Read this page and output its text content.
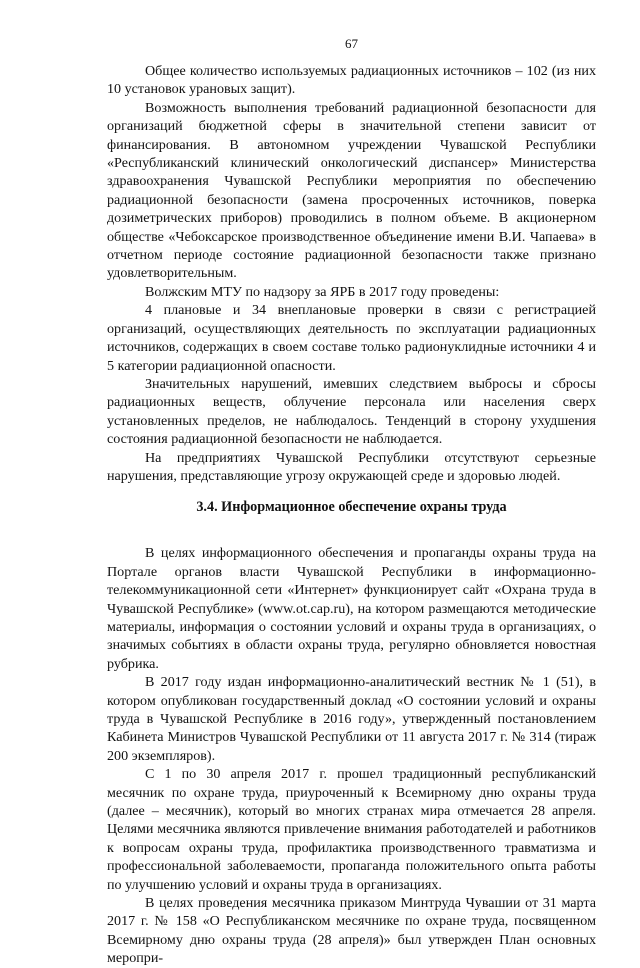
67

Общее количество используемых радиационных источников – 102 (из них 10 установок урановых защит).

Возможность выполнения требований радиационной безопасности для организаций бюджетной сферы в значительной степени зависит от финансирования. В автономном учреждении Чувашской Республики «Республиканский клинический онкологический диспансер» Министерства здравоохранения Чувашской Республики мероприятия по обеспечению радиационной безопасности (замена просроченных источников, поверка дозиметрических приборов) проводились в полном объеме. В акционерном обществе «Чебоксарское производственное объединение имени В.И. Чапаева» в отчетном периоде состояние радиационной безопасности также признано удовлетворительным.

Волжским МТУ по надзору за ЯРБ в 2017 году проведены:

4 плановые и 34 внеплановые проверки в связи с регистрацией организаций, осуществляющих деятельность по эксплуатации радиационных источников, содержащих в своем составе только радионуклидные источники 4 и 5 категории радиационной опасности.

Значительных нарушений, имевших следствием выбросы и сбросы радиационных веществ, облучение персонала или населения сверх установленных пределов, не наблюдалось. Тенденций в сторону ухудшения состояния радиационной безопасности не наблюдается.

На предприятиях Чувашской Республики отсутствуют серьезные нарушения, представляющие угрозу окружающей среде и здоровью людей.

3.4. Информационное обеспечение охраны труда

В целях информационного обеспечения и пропаганды охраны труда на Портале органов власти Чувашской Республики в информационно-телекоммуникационной сети «Интернет» функционирует сайт «Охрана труда в Чувашской Республике» (www.ot.cap.ru), на котором размещаются методические материалы, информация о состоянии условий и охраны труда в организациях, о значимых событиях в области охраны труда, регулярно обновляется новостная рубрика.

В 2017 году издан информационно-аналитический вестник № 1 (51), в котором опубликован государственный доклад «О состоянии условий и охраны труда в Чувашской Республике в 2016 году», утвержденный постановлением Кабинета Министров Чувашской Республики от 11 августа 2017 г. № 314 (тираж 200 экземпляров).

С 1 по 30 апреля 2017 г. прошел традиционный республиканский месячник по охране труда, приуроченный к Всемирному дню охраны труда (далее – месячник), который во многих странах мира отмечается 28 апреля. Целями месячника являются привлечение внимания работодателей и работников к вопросам охраны труда, профилактика производственного травматизма и профессиональной заболеваемости, пропаганда положительного опыта работы по улучшению условий и охраны труда в организациях.

В целях проведения месячника приказом Минтруда Чувашии от 31 марта 2017 г. № 158 «О Республиканском месячнике по охране труда, посвященном Всемирному дню охраны труда (28 апреля)» был утвержден План основных меропри-
